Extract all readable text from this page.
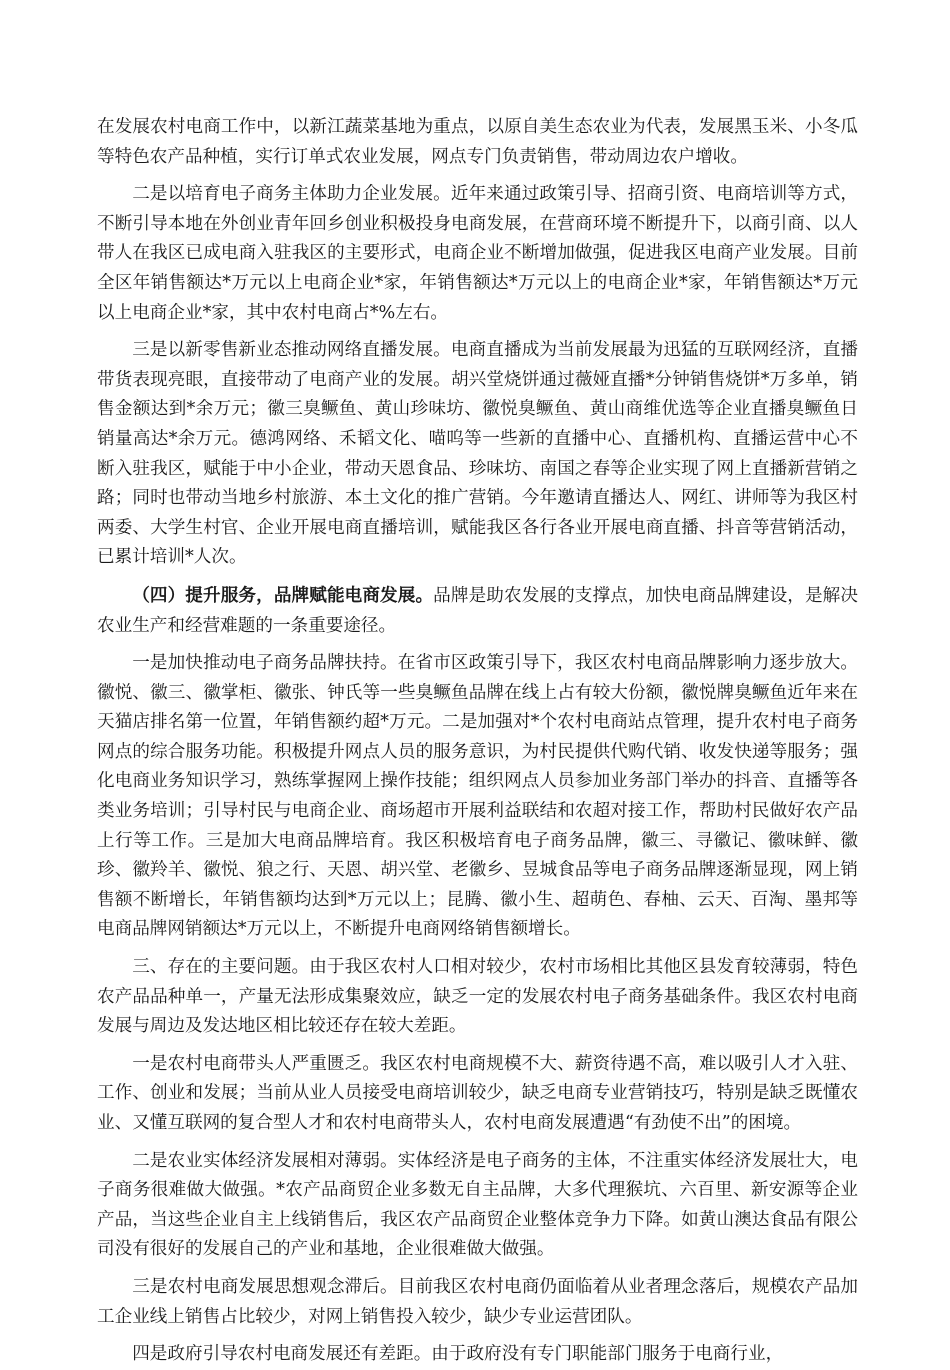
在发展农村电商工作中，以新江蔬菜基地为重点，以原自美生态农业为代表，发展黑玉米、小冬瓜等特色农产品种植，实行订单式农业发展，网点专门负责销售，带动周边农户增收。

二是以培育电子商务主体助力企业发展。近年来通过政策引导、招商引资、电商培训等方式，不断引导本地在外创业青年回乡创业积极投身电商发展，在营商环境不断提升下，以商引商、以人带人在我区已成电商入驻我区的主要形式，电商企业不断增加做强，促进我区电商产业发展。目前全区年销售额达*万元以上电商企业*家，年销售额达*万元以上的电商企业*家，年销售额达*万元以上电商企业*家，其中农村电商占*%左右。

三是以新零售新业态推动网络直播发展。电商直播成为当前发展最为迅猛的互联网经济，直播带货表现亮眼，直接带动了电商产业的发展。胡兴堂烧饼通过薇娅直播*分钟销售烧饼*万多单，销售金额达到*余万元；徽三臭鳜鱼、黄山珍味坊、徽悦臭鳜鱼、黄山商维优选等企业直播臭鳜鱼日销量高达*余万元。德鸿网络、禾韬文化、喵呜等一些新的直播中心、直播机构、直播运营中心不断入驻我区，赋能于中小企业，带动天恩食品、珍味坊、南国之春等企业实现了网上直播新营销之路；同时也带动当地乡村旅游、本土文化的推广营销。今年邀请直播达人、网红、讲师等为我区村两委、大学生村官、企业开展电商直播培训，赋能我区各行各业开展电商直播、抖音等营销活动，已累计培训*人次。

（四）提升服务，品牌赋能电商发展。品牌是助农发展的支撑点，加快电商品牌建设，是解决农业生产和经营难题的一条重要途径。

一是加快推动电子商务品牌扶持。在省市区政策引导下，我区农村电商品牌影响力逐步放大。徽悦、徽三、徽掌柜、徽张、钟氏等一些臭鳜鱼品牌在线上占有较大份额，徽悦牌臭鳜鱼近年来在天猫店排名第一位置，年销售额约超*万元。二是加强对*个农村电商站点管理，提升农村电子商务网点的综合服务功能。积极提升网点人员的服务意识，为村民提供代购代销、收发快递等服务；强化电商业务知识学习，熟练掌握网上操作技能；组织网点人员参加业务部门举办的抖音、直播等各类业务培训；引导村民与电商企业、商场超市开展利益联结和农超对接工作，帮助村民做好农产品上行等工作。三是加大电商品牌培育。我区积极培育电子商务品牌，徽三、寻徽记、徽味鲜、徽珍、徽羚羊、徽悦、狼之行、天恩、胡兴堂、老徽乡、昱城食品等电子商务品牌逐渐显现，网上销售额不断增长，年销售额均达到*万元以上；昆腾、徽小生、超萌色、春柚、云天、百淘、墨邦等电商品牌网销额达*万元以上，不断提升电商网络销售额增长。

三、存在的主要问题。由于我区农村人口相对较少，农村市场相比其他区县发育较薄弱，特色农产品品种单一，产量无法形成集聚效应，缺乏一定的发展农村电子商务基础条件。我区农村电商发展与周边及发达地区相比较还存在较大差距。

一是农村电商带头人严重匮乏。我区农村电商规模不大、薪资待遇不高，难以吸引人才入驻、工作、创业和发展；当前从业人员接受电商培训较少，缺乏电商专业营销技巧，特别是缺乏既懂农业、又懂互联网的复合型人才和农村电商带头人，农村电商发展遭遇“有劲使不出”的困境。

二是农业实体经济发展相对薄弱。实体经济是电子商务的主体，不注重实体经济发展壮大，电子商务很难做大做强。*农产品商贸企业多数无自主品牌，大多代理猴坑、六百里、新安源等企业产品，当这些企业自主上线销售后，我区农产品商贸企业整体竞争力下降。如黄山澳达食品有限公司没有很好的发展自己的产业和基地，企业很难做大做强。

三是农村电商发展思想观念滞后。目前我区农村电商仍面临着从业者理念落后，规模农产品加工企业线上销售占比较少，对网上销售投入较少，缺少专业运营团队。

四是政府引导农村电商发展还有差距。由于政府没有专门职能部门服务于电商行业，
